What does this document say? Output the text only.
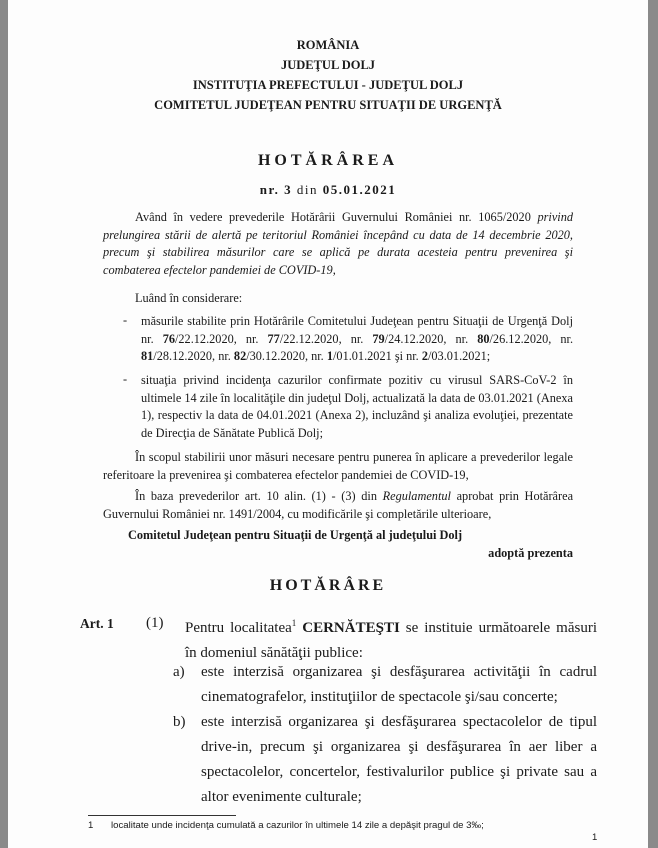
ROMÂNIA
JUDEŢUL DOLJ
INSTITUŢIA PREFECTULUI - JUDEŢUL DOLJ
COMITETUL JUDEŢEAN PENTRU SITUAŢII DE URGENŢĂ
HOTĂRÂREA
nr. 3 din 05.01.2021
Având în vedere prevederile Hotărârii Guvernului României nr. 1065/2020 privind prelungirea stării de alertă pe teritoriul României începând cu data de 14 decembrie 2020, precum şi stabilirea măsurilor care se aplică pe durata acesteia pentru prevenirea şi combaterea efectelor pandemiei de COVID-19,
Luând în considerare:
- măsurile stabilite prin Hotărârile Comitetului Judeţean pentru Situaţii de Urgenţă Dolj nr. 76/22.12.2020, nr. 77/22.12.2020, nr. 79/24.12.2020, nr. 80/26.12.2020, nr. 81/28.12.2020, nr. 82/30.12.2020, nr. 1/01.01.2021 şi nr. 2/03.01.2021;
- situaţia privind incidenţa cazurilor confirmate pozitiv cu virusul SARS-CoV-2 în ultimele 14 zile în localităţile din judeţul Dolj, actualizată la data de 03.01.2021 (Anexa 1), respectiv la data de 04.01.2021 (Anexa 2), incluzând şi analiza evoluţiei, prezentate de Direcţia de Sănătate Publică Dolj;
În scopul stabilirii unor măsuri necesare pentru punerea în aplicare a prevederilor legale referitoare la prevenirea şi combaterea efectelor pandemiei de COVID-19,
În baza prevederilor art. 10 alin. (1) - (3) din Regulamentul aprobat prin Hotărârea Guvernului României nr. 1491/2004, cu modificările şi completările ulterioare,
Comitetul Judeţean pentru Situaţii de Urgenţă al judeţului Dolj
adoptă prezenta
HOTĂRÂRE
Art. 1 (1) Pentru localitatea$^1$ CERNĂTEŞTI se instituie următoarele măsuri în domeniul sănătăţii publice:
a) este interzisă organizarea şi desfăşurarea activităţii în cadrul cinematografelor, instituţiilor de spectacole şi/sau concerte;
b) este interzisă organizarea şi desfăşurarea spectacolelor de tipul drive-in, precum şi organizarea şi desfăşurarea în aer liber a spectacolelor, concertelor, festivalurilor publice şi private sau a altor evenimente culturale;
1 localitate unde incidenţa cumulată a cazurilor în ultimele 14 zile a depăşit pragul de 3‰;
1
